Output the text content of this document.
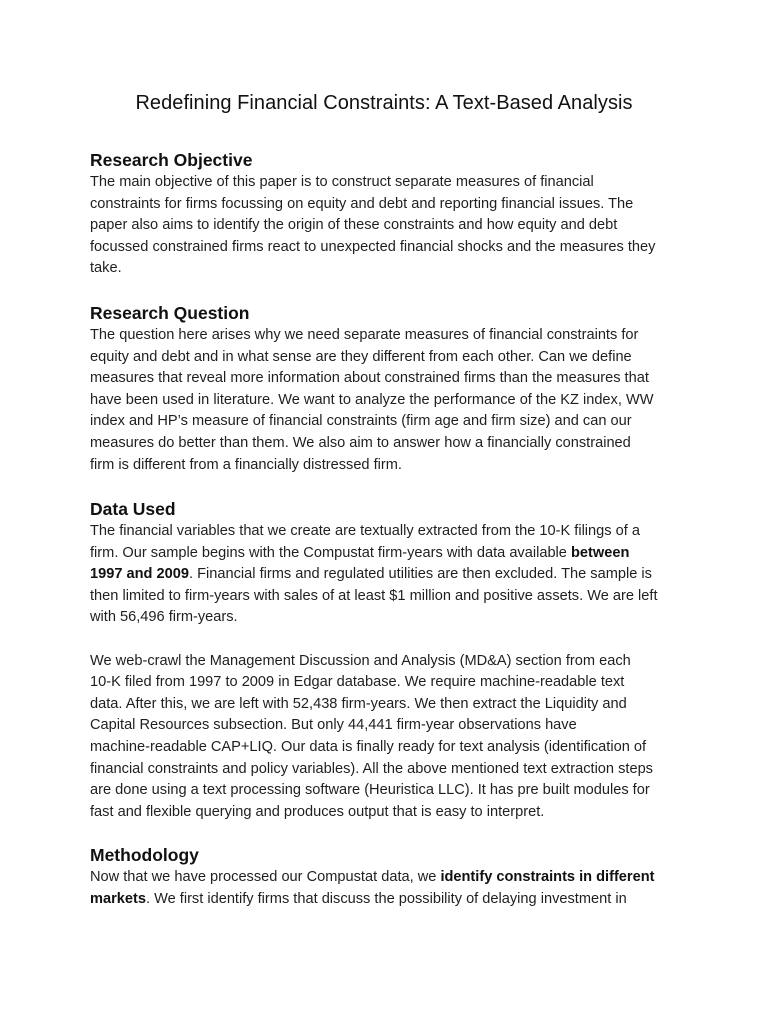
Redefining Financial Constraints: A Text-Based Analysis
Research Objective

The main objective of this paper is to construct separate measures of financial
constraints for firms focussing on equity and debt and reporting financial issues. The
paper also aims to identify the origin of these constraints and how equity and debt
focussed constrained firms react to unexpected financial shocks and the measures they
take.

Research Question

The question here arises why we need separate measures of financial constraints for
equity and debt and in what sense are they different from each other. Can we define
measures that reveal more information about constrained firms than the measures that
have been used in literature. We want to analyze the performance of the KZ index, WW
index and HP’s measure of financial constraints (firm age and firm size) and can our
measures do better than them. We also aim to answer how a financially constrained
firm is different from a financially distressed firm.

Data Used

The financial variables that we create are textually extracted from the 10-K filings of a
firm. Our sample begins with the Compustat firm-years with data available between
1997 and 2009. Financial firms and regulated utilities are then excluded. The sample is
then limited to firm-years with sales of at least $1 million and positive assets. We are left
with 56,496 firm-years.

We web-crawl the Management Discussion and Analysis (MD&A) section from each
10-K filed from 1997 to 2009 in Edgar database. We require machine-readable text
data. After this, we are left with 52,438 firm-years. We then extract the Liquidity and
Capital Resources subsection. But only 44,441 firm-year observations have
machine-readable CAP+LIQ. Our data is finally ready for text analysis (identification of
financial constraints and policy variables). All the above mentioned text extraction steps
are done using a text processing software (Heuristica LLC). It has pre built modules for
fast and flexible querying and produces output that is easy to interpret.

Methodology

Now that we have processed our Compustat data, we identify constraints in different
markets. We first identify firms that discuss the possibility of delaying investment in
